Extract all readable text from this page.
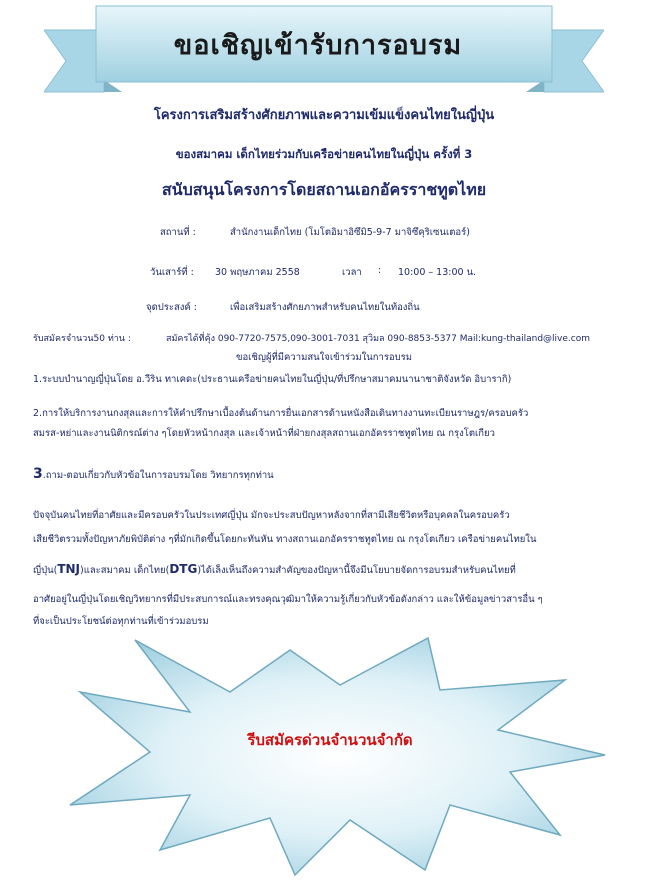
ขอเชิญเข้ารับการอบรม
โครงการเสริมสร้างศักยภาพและความเข้มแข็งคนไทยในญี่ปุ่น
ของสมาคม เด็กไทยร่วมกับเครือข่ายคนไทยในญี่ปุ่น ครั้งที่ 3
สนับสนุนโครงการโดยสถานเอกอัครราชทูตไทย
สถานที่ :	สำนักงานเด็กไทย (โมโตอิมาอิซึมิ5-9-7 มาจิซึคุริเซนเตอร์)
วันเสาร์ที่ : 30 พฤษภาคม 2558	เวลา : 10:00 – 13:00 น.
จุดประสงค์ :	เพื่อเสริมสร้างศักยภาพสำหรับคนไทยในท้องถิ่น
รับสมัครจำนวน50 ท่าน :	สมัครได้ที่คุ้ง 090-7720-7575,090-3001-7031 สุวิมล 090-8853-5377 Mail:kung-thailand@live.com
ขอเชิญผู้ที่มีความสนใจเข้าร่วมในการอบรม
1.ระบบบำนาญญี่ปุ่นโดย อ.วีริน ทาเคดะ(ประธานเครือข่ายคนไทยในญี่ปุ่น/ที่ปรึกษาสมาคมนานาชาติจังหวัด อิบารากิ)
2.การให้บริการงานกงสุลและการให้คำปรึกษาเบื้องต้นด้านการยื่นเอกสารด้านหนังสือเดินทางงานทะเบียนราษฎร/ครอบครัว
สมรส-หย่าและงานนิติกรณ์ต่าง ๆโดยหัวหน้ากงสุล และเจ้าหน้าที่ฝ่ายกงสุลสถานเอกอัครราชทูตไทย ณ กรุงโตเกียว
3.ถาม-ตอบเกี่ยวกับหัวข้อในการอบรมโดย วิทยากรทุกท่าน
ปัจจุบันคนไทยที่อาศัยและมีครอบครัวในประเทศญี่ปุ่น มักจะประสบปัญหาหลังจากที่สามีเสียชีวิตหรือบุคคลในครอบครัว
เสียชีวิตรวมทั้งปัญหาภัยพิบัติต่าง ๆที่มักเกิดขึ้นโดยกะทันหัน ทางสถานเอกอัครราชทูตไทย ณ กรุงโตเกียว เครือข่ายคนไทยใน
ญี่ปุ่น(TNJ)และสมาคม เด็กไทย(DTG)ได้เล็งเห็นถึงความสำคัญของปัญหานี้จึงมีนโยบายจัดการอบรมสำหรับคนไทยที่
อาศัยอยู่ในญี่ปุ่นโดยเชิญวิทยากรที่มีประสบการณ์และทรงคุณวุฒิมาให้ความรู้เกี่ยวกับหัวข้อดังกล่าว และให้ข้อมูลข่าวสารอื่น ๆ
ที่จะเป็นประโยชน์ต่อทุกท่านที่เข้าร่วมอบรม
รีบสมัครด่วนจำนวนจำกัด
